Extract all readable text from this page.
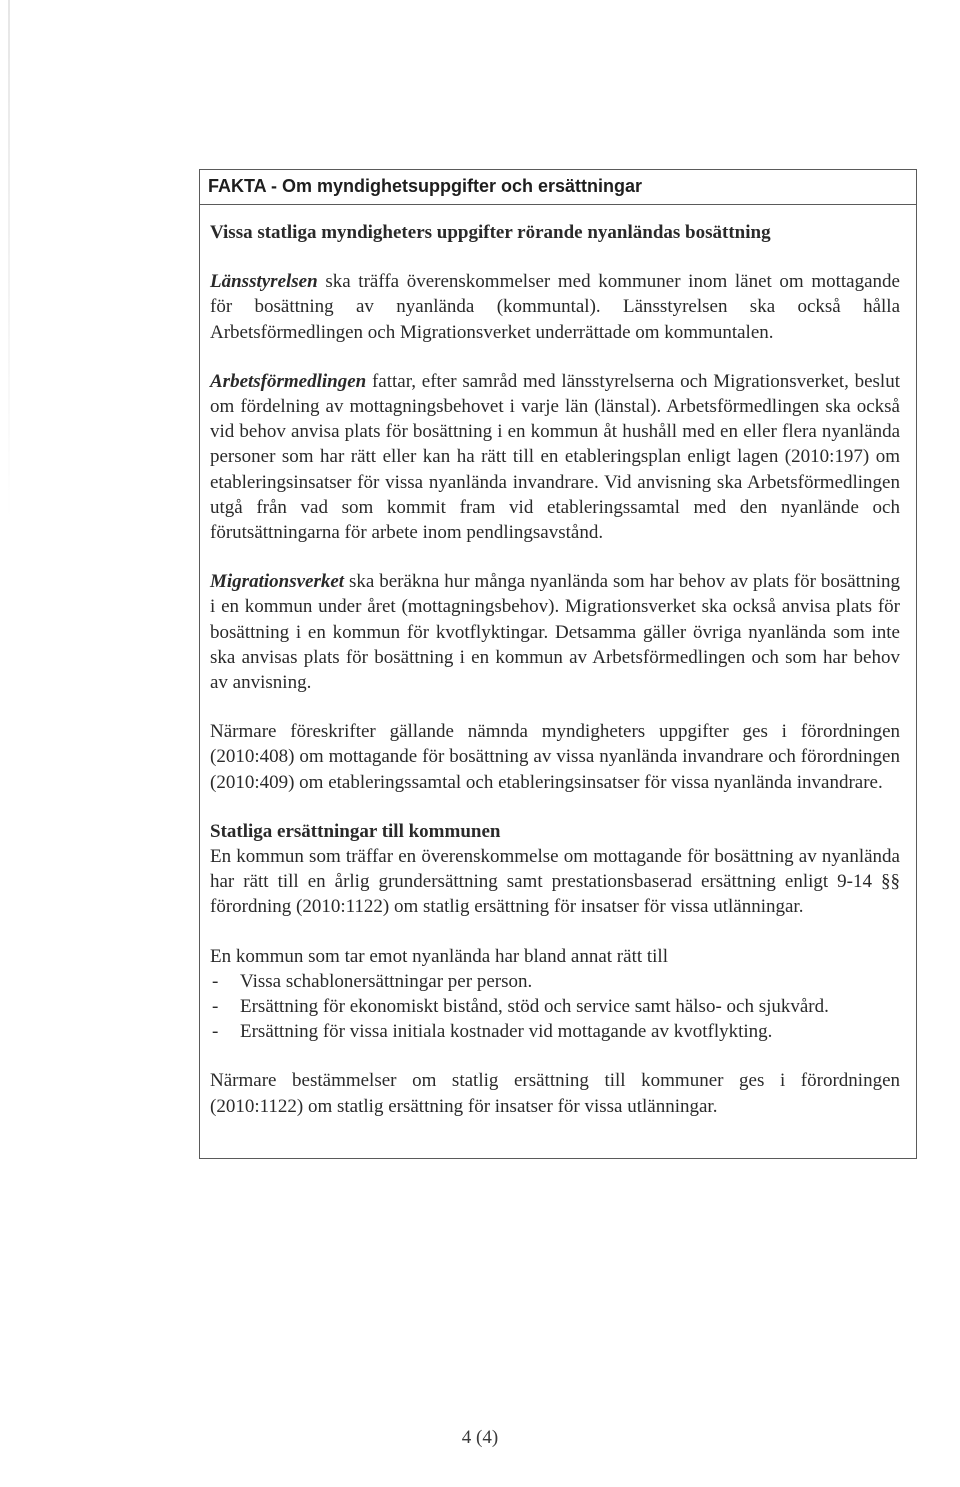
FAKTA - Om myndighetsuppgifter och ersättningar

Vissa statliga myndigheters uppgifter rörande nyanländas bosättning

Länsstyrelsen ska träffa överenskommelser med kommuner inom länet om mottagande för bosättning av nyanlända (kommuntal). Länsstyrelsen ska också hålla Arbetsförmedlingen och Migrationsverket underrättade om kommuntalen.

Arbetsförmedlingen fattar, efter samråd med länsstyrelserna och Migrationsverket, beslut om fördelning av mottagningsbehovet i varje län (länstal). Arbetsförmedlingen ska också vid behov anvisa plats för bosättning i en kommun åt hushåll med en eller flera nyanlända personer som har rätt eller kan ha rätt till en etableringsplan enligt lagen (2010:197) om etableringsinsatser för vissa nyanlända invandrare. Vid anvisning ska Arbetsförmedlingen utgå från vad som kommit fram vid etableringssamtal med den nyanlände och förutsättningarna för arbete inom pendlingsavstånd.

Migrationsverket ska beräkna hur många nyanlända som har behov av plats för bosättning i en kommun under året (mottagningsbehov). Migrationsverket ska också anvisa plats för bosättning i en kommun för kvotflyktingar. Detsamma gäller övriga nyanlända som inte ska anvisas plats för bosättning i en kommun av Arbetsförmedlingen och som har behov av anvisning.

Närmare föreskrifter gällande nämnda myndigheters uppgifter ges i förordningen (2010:408) om mottagande för bosättning av vissa nyanlända invandrare och förordningen (2010:409) om etableringssamtal och etableringsinsatser för vissa nyanlända invandrare.

Statliga ersättningar till kommunen

En kommun som träffar en överenskommelse om mottagande för bosättning av nyanlända har rätt till en årlig grundersättning samt prestationsbaserad ersättning enligt 9-14 §§ förordning (2010:1122) om statlig ersättning för insatser för vissa utlänningar.

En kommun som tar emot nyanlända har bland annat rätt till

- Vissa schablonersättningar per person.
- Ersättning för ekonomiskt bistånd, stöd och service samt hälso- och sjukvård.
- Ersättning för vissa initiala kostnader vid mottagande av kvotflykting.

Närmare bestämmelser om statlig ersättning till kommuner ges i förordningen (2010:1122) om statlig ersättning för insatser för vissa utlänningar.

4 (4)
